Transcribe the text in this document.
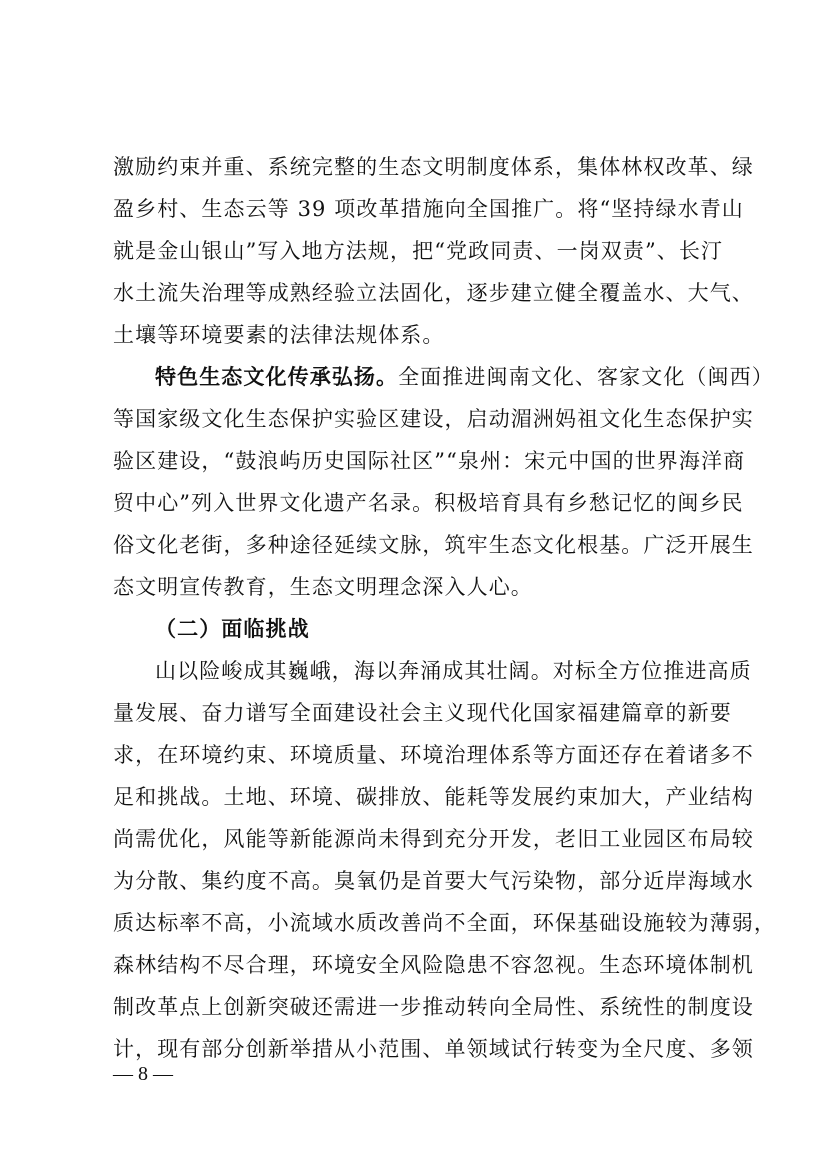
激励约束并重、系统完整的生态文明制度体系，集体林权改革、绿
盈乡村、生态云等 39 项改革措施向全国推广。将“坚持绿水青山
就是金山银山”写入地方法规，把“党政同责、一岗双责”、长汀
水土流失治理等成熟经验立法固化，逐步建立健全覆盖水、大气、
土壤等环境要素的法律法规体系。
特色生态文化传承弘扬。全面推进闽南文化、客家文化（闽西）
等国家级文化生态保护实验区建设，启动湄洲妈祖文化生态保护实
验区建设，“鼓浪屿历史国际社区”“泉州：宋元中国的世界海洋商
贸中心”列入世界文化遗产名录。积极培育具有乡愁记忆的闽乡民
俗文化老街，多种途径延续文脉，筑牢生态文化根基。广泛开展生
态文明宣传教育，生态文明理念深入人心。
（二）面临挑战
山以险峻成其巍峨，海以奔涌成其壮阔。对标全方位推进高质
量发展、奋力谱写全面建设社会主义现代化国家福建篇章的新要
求，在环境约束、环境质量、环境治理体系等方面还存在着诸多不
足和挑战。土地、环境、碳排放、能耗等发展约束加大，产业结构
尚需优化，风能等新能源尚未得到充分开发，老旧工业园区布局较
为分散、集约度不高。臭氧仍是首要大气污染物，部分近岸海域水
质达标率不高，小流域水质改善尚不全面，环保基础设施较为薄弱，
森林结构不尽合理，环境安全风险隐患不容忽视。生态环境体制机
制改革点上创新突破还需进一步推动转向全局性、系统性的制度设
计，现有部分创新举措从小范围、单领域试行转变为全尺度、多领
— 8 —
